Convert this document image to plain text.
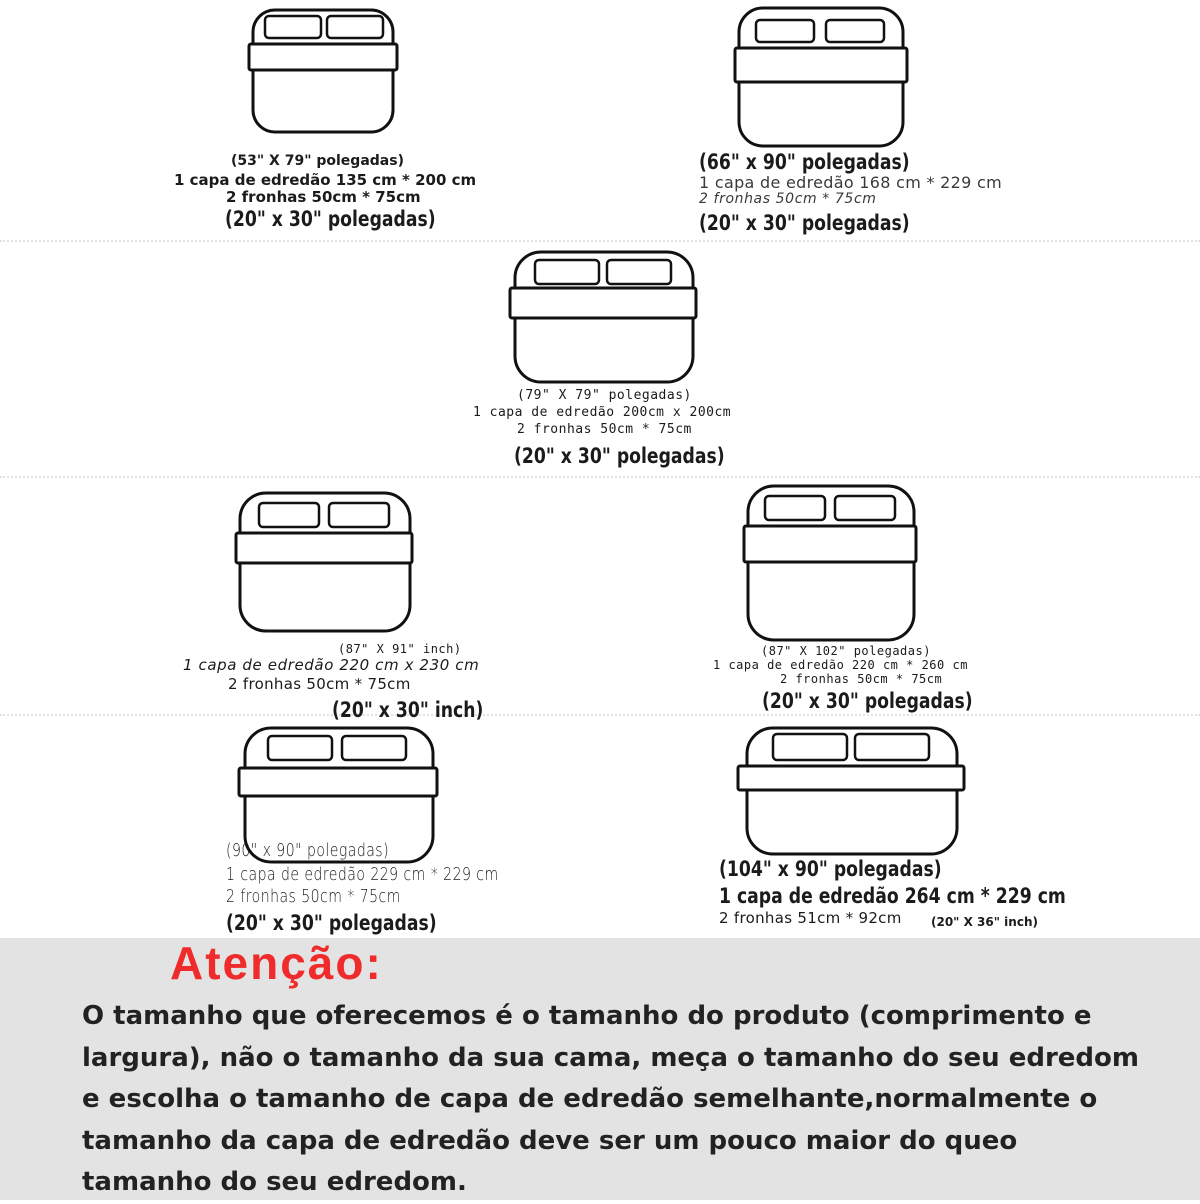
(53" X 79" polegadas)
1 capa de edredão 135 cm * 200 cm
2 fronhas 50cm * 75cm
(20" x 30" polegadas)
(66" x 90" polegadas)
1 capa de edredão 168 cm * 229 cm
2 fronhas 50cm * 75cm
(20" x 30" polegadas)
(79" X 79" polegadas)
1 capa de edredão 200cm x 200cm
2 fronhas 50cm * 75cm
(20" x 30" polegadas)
(87" X 91" inch)
1 capa de edredão 220 cm x 230 cm
2 fronhas 50cm * 75cm
(20" x 30" inch)
(87" X 102" polegadas)
1 capa de edredão 220 cm * 260 cm
2 fronhas 50cm * 75cm
(20" x 30" polegadas)
(90" x 90" polegadas)
1 capa de edredão 229 cm * 229 cm
2 fronhas 50cm * 75cm
(20" x 30" polegadas)
(104" x 90" polegadas)
1 capa de edredão 264 cm * 229 cm
2 fronhas 51cm * 92cm (20" X 36" inch)
Atenção:
O tamanho que oferecemos é o tamanho do produto (comprimento e largura), não o tamanho da sua cama, meça o tamanho do seu edredom e escolha o tamanho de capa de edredão semelhante,normalmente o tamanho da capa de edredão deve ser um pouco maior do queo tamanho do seu edredom.
